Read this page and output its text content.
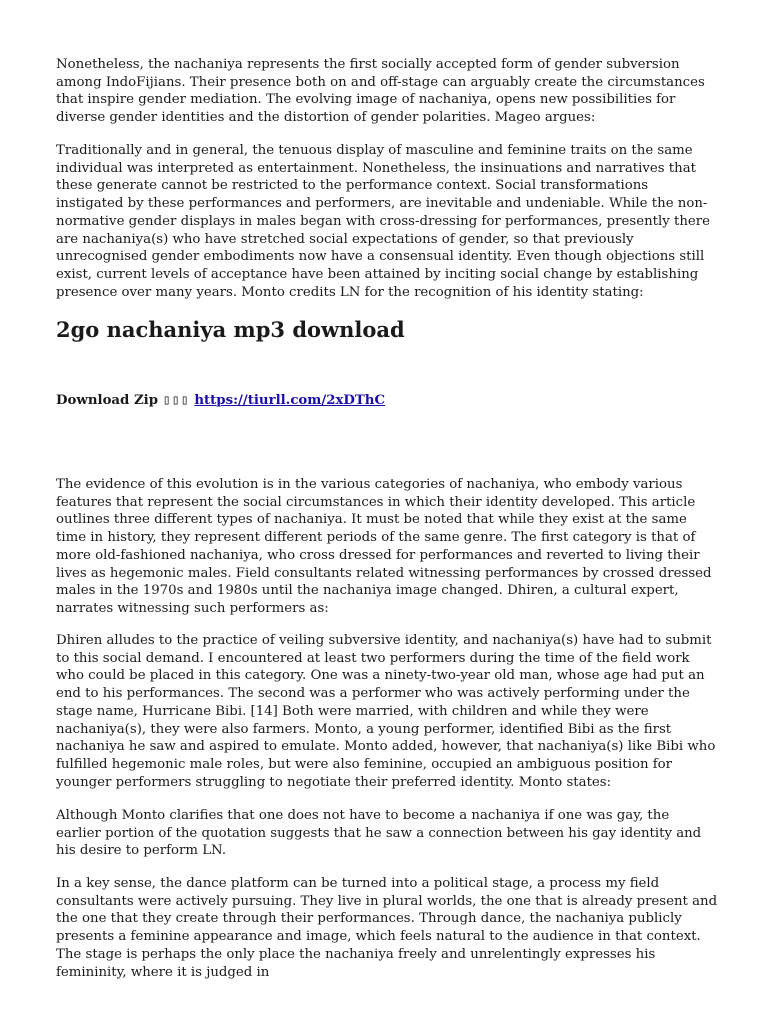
Nonetheless, the nachaniya represents the first socially accepted form of gender subversion among IndoFijians. Their presence both on and off-stage can arguably create the circumstances that inspire gender mediation. The evolving image of nachaniya, opens new possibilities for diverse gender identities and the distortion of gender polarities. Mageo argues:

Traditionally and in general, the tenuous display of masculine and feminine traits on the same individual was interpreted as entertainment. Nonetheless, the insinuations and narratives that these generate cannot be restricted to the performance context. Social transformations instigated by these performances and performers, are inevitable and undeniable. While the non-normative gender displays in males began with cross-dressing for performances, presently there are nachaniya(s) who have stretched social expectations of gender, so that previously unrecognised gender embodiments now have a consensual identity. Even though objections still exist, current levels of acceptance have been attained by inciting social change by establishing presence over many years. Monto credits LN for the recognition of his identity stating:

2go nachaniya mp3 download
Download Zip ▯▯▯ https://tiurll.com/2xDThC

The evidence of this evolution is in the various categories of nachaniya, who embody various features that represent the social circumstances in which their identity developed. This article outlines three different types of nachaniya. It must be noted that while they exist at the same time in history, they represent different periods of the same genre. The first category is that of more old-fashioned nachaniya, who cross dressed for performances and reverted to living their lives as hegemonic males. Field consultants related witnessing performances by crossed dressed males in the 1970s and 1980s until the nachaniya image changed. Dhiren, a cultural expert, narrates witnessing such performers as:

Dhiren alludes to the practice of veiling subversive identity, and nachaniya(s) have had to submit to this social demand. I encountered at least two performers during the time of the field work who could be placed in this category. One was a ninety-two-year old man, whose age had put an end to his performances. The second was a performer who was actively performing under the stage name, Hurricane Bibi. [14] Both were married, with children and while they were nachaniya(s), they were also farmers. Monto, a young performer, identified Bibi as the first nachaniya he saw and aspired to emulate. Monto added, however, that nachaniya(s) like Bibi who fulfilled hegemonic male roles, but were also feminine, occupied an ambiguous position for younger performers struggling to negotiate their preferred identity. Monto states:

Although Monto clarifies that one does not have to become a nachaniya if one was gay, the earlier portion of the quotation suggests that he saw a connection between his gay identity and his desire to perform LN.

In a key sense, the dance platform can be turned into a political stage, a process my field consultants were actively pursuing. They live in plural worlds, the one that is already present and the one that they create through their performances. Through dance, the nachaniya publicly presents a feminine appearance and image, which feels natural to the audience in that context. The stage is perhaps the only place the nachaniya freely and unrelentingly expresses his femininity, where it is judged in
